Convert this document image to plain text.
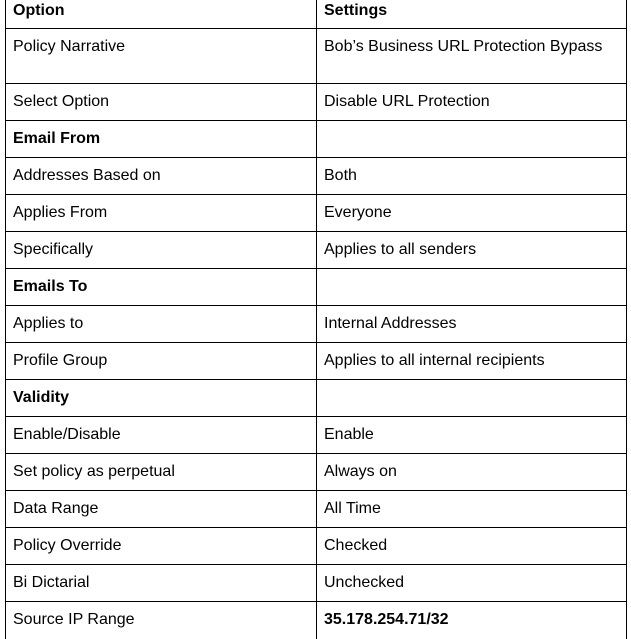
Option	Settings
Policy Narrative	Bob’s Business URL Protection Bypass
Select Option	Disable URL Protection
Email From	
Addresses Based on	Both
Applies From	Everyone
Specifically	Applies to all senders
Emails To	
Applies to	Internal Addresses
Profile Group	Applies to all internal recipients
Validity	
Enable/Disable	Enable
Set policy as perpetual	Always on
Data Range	All Time
Policy Override	Checked
Bi Dictarial	Unchecked
Source IP Range	35.178.254.71/32
